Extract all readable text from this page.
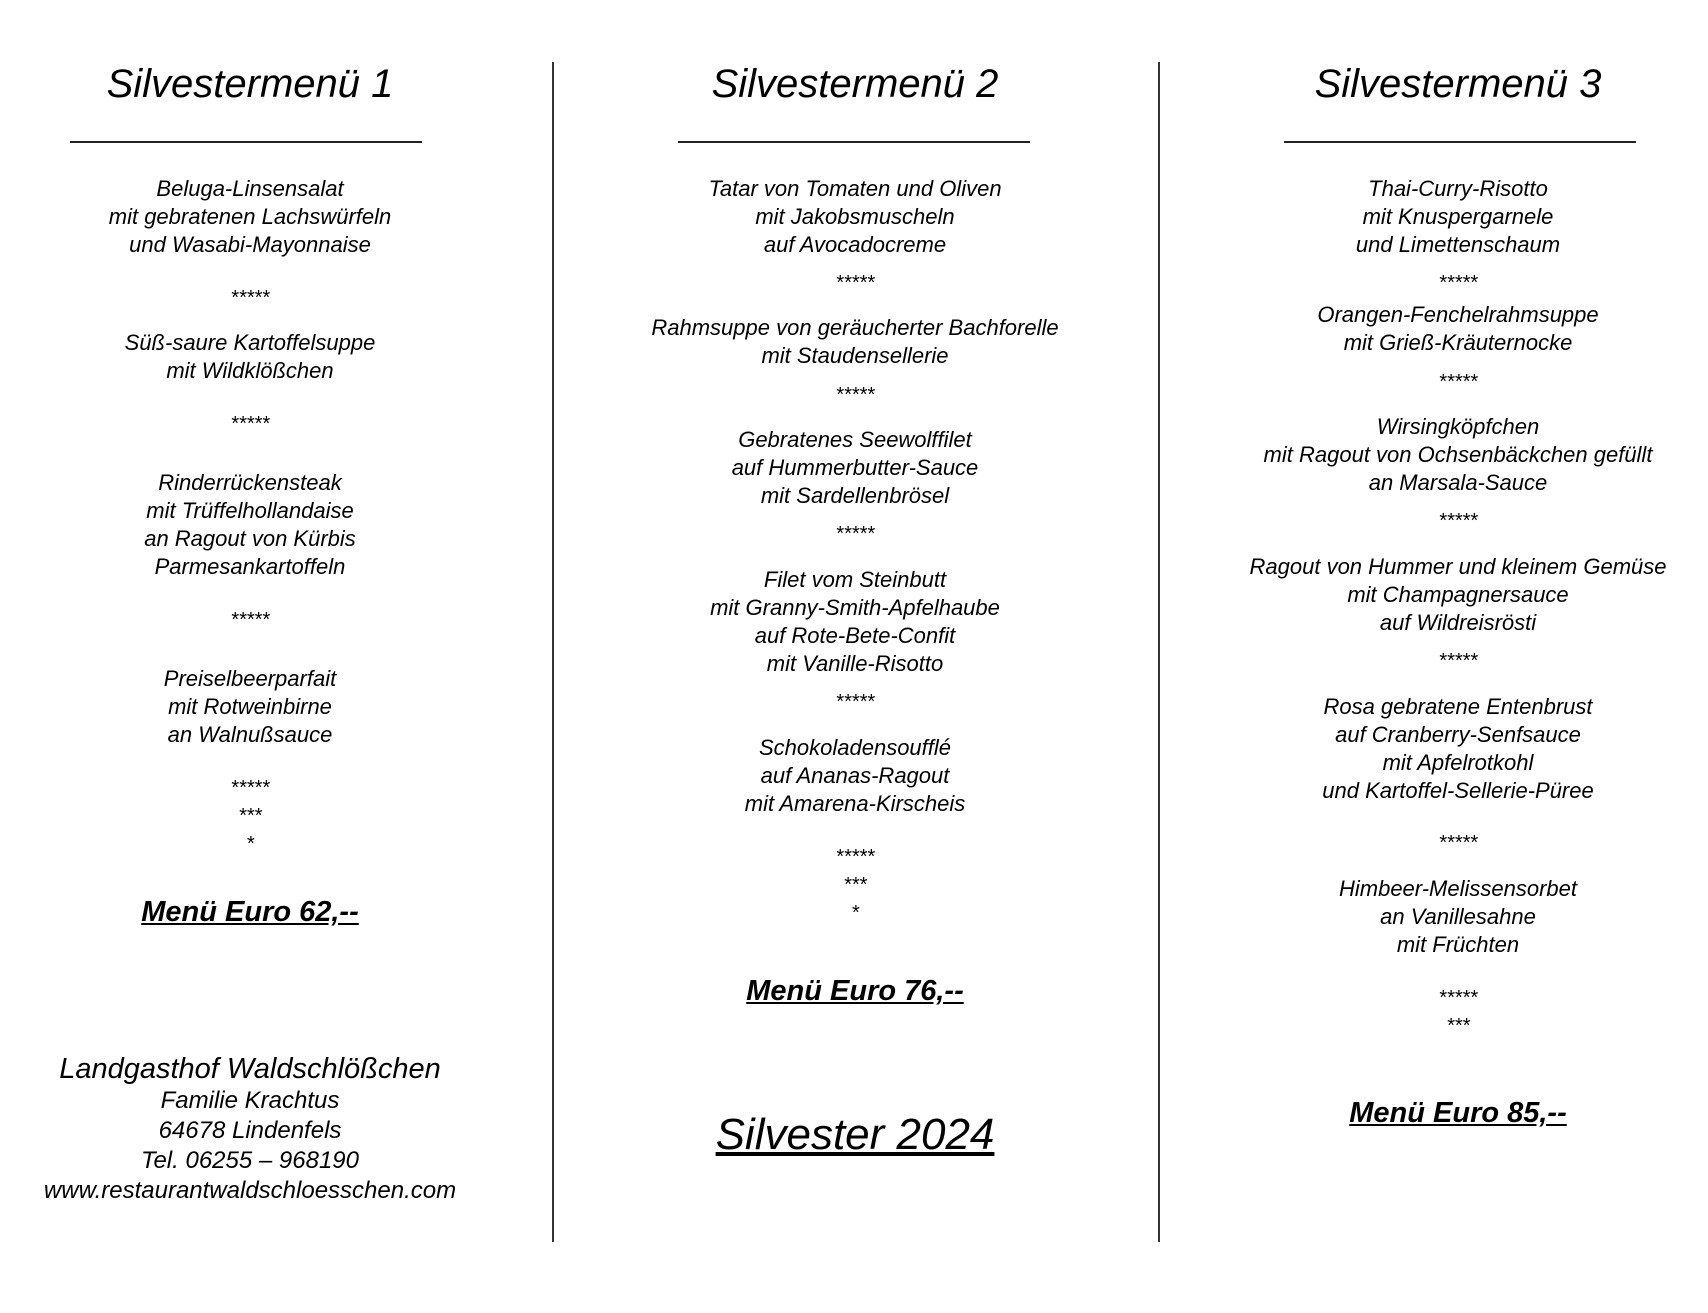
Silvestermenü 1
Beluga-Linsensalat
mit gebratenen Lachswürfeln
und Wasabi-Mayonnaise
*****
Süß-saure Kartoffelsuppe
mit Wildklößchen
*****
Rinderrückensteak
mit Trüffelhollandaise
an Ragout von Kürbis
Parmesankartoffeln
*****
Preiselbeerparfait
mit Rotweinbirne
an Walnußsauce
*****
***
*
Menü Euro 62,--
Landgasthof Waldschlößchen
Familie Krachtus
64678 Lindenfels
Tel. 06255 – 968190
www.restaurantwaldschloesschen.com
Silvestermenü 2
Tatar von Tomaten und Oliven
mit Jakobsmuscheln
auf Avocadocreme
*****
Rahmsuppe von geräucherter Bachforelle
mit Staudensellerie
*****
Gebratenes Seewolffilet
auf Hummerbutter-Sauce
mit Sardellenbrösel
*****
Filet vom Steinbutt
mit Granny-Smith-Apfelhaube
auf Rote-Bete-Confit
mit Vanille-Risotto
*****
Schokoladensoufflé
auf Ananas-Ragout
mit Amarena-Kirscheis
*****
***
*
Menü Euro 76,--
Silvester 2024
Silvestermenü 3
Thai-Curry-Risotto
mit Knuspergarnele
und Limettenschaum
*****
Orangen-Fenchelrahmsuppe
mit Grieß-Kräuternocke
*****
Wirsingköpfchen
mit Ragout von Ochsenbäckchen gefüllt
an Marsala-Sauce
*****
Ragout von Hummer und kleinem Gemüse
mit Champagnersauce
auf Wildreisrösti
*****
Rosa gebratene Entenbrust
auf Cranberry-Senfsauce
mit Apfelrotkohl
und Kartoffel-Sellerie-Püree
*****
Himbeer-Melissensorbet
an Vanillesahne
mit Früchten
*****
***
Menü Euro 85,--
